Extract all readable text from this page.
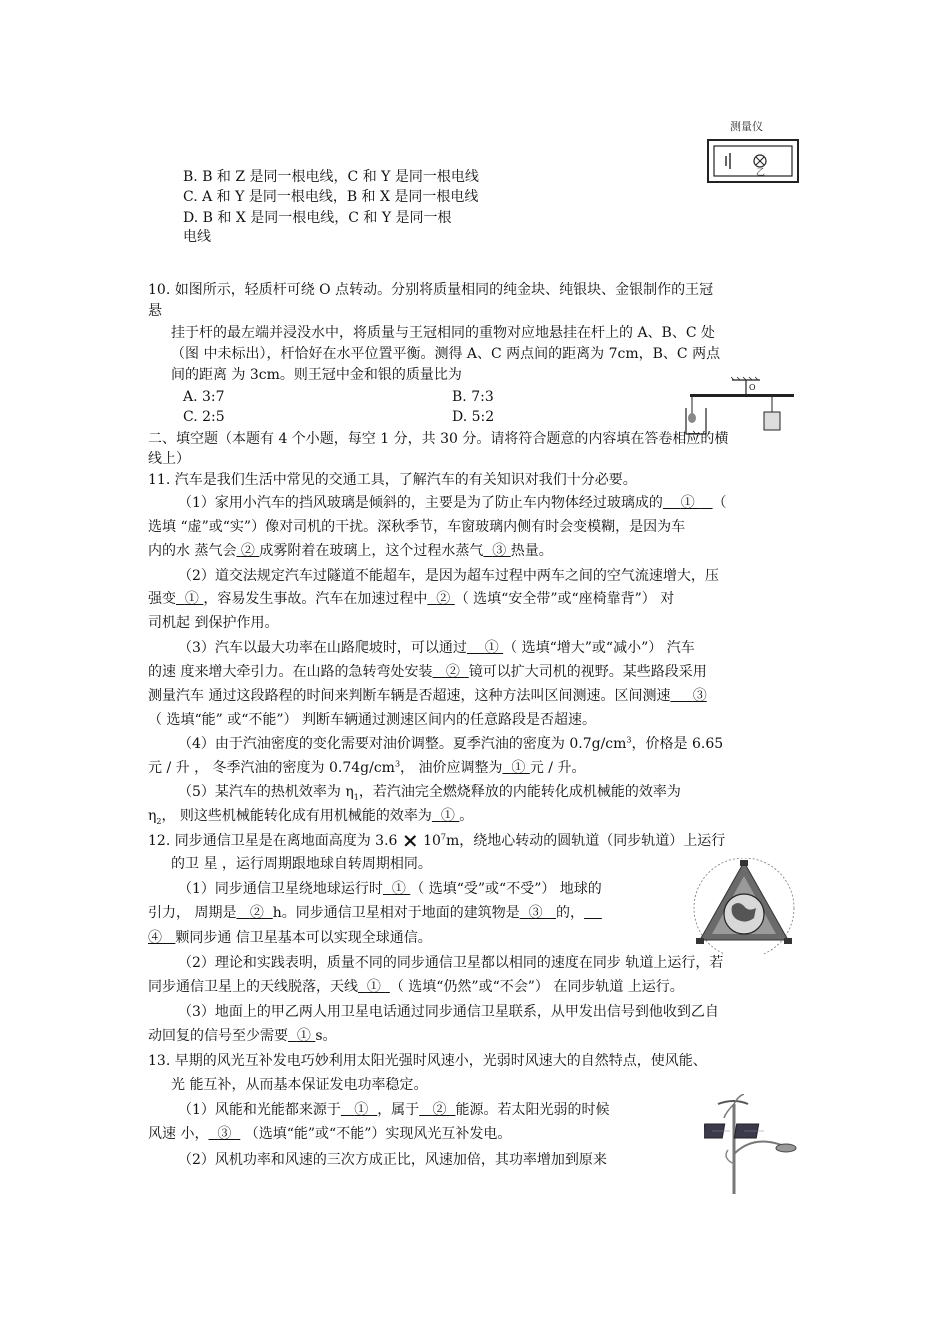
测量仪
乙
B. B 和 Z 是同一根电线，C 和 Y 是同一根电线
C. A 和 Y 是同一根电线，B 和 X 是同一根电线
D. B 和 X 是同一根电线，C 和 Y 是同一根
电线
10. 如图所示，轻质杆可绕 O 点转动。分别将质量相同的纯金块、纯银块、金银制作的王冠
悬
挂于杆的最左端并浸没水中，将质量与王冠相同的重物对应地悬挂在杆上的 A、B、C 处
（图 中未标出），杆恰好在水平位置平衡。测得 A、C 两点间的距离为 7cm，B、C 两点
间的距离 为 3cm。则王冠中金和银的质量比为
A. 3:7	B. 7:3
C. 2:5	D. 5:2
O
二、填空题（本题有 4 个小题，每空 1 分，共 30 分。请将符合题意的内容填在答卷相应的横
线上）
11. 汽车是我们生活中常见的交通工具，了解汽车的有关知识对我们十分必要。
（1）家用小汽车的挡风玻璃是倾斜的，主要是为了防止车内物体经过玻璃成的 ①    （
选填 “虚”或“实”）像对司机的干扰。深秋季节，车窗玻璃内侧有时会变模糊，是因为车
内的水 蒸气会 ② 成雾附着在玻璃上，这个过程水蒸气 ③ 热量。
（2）道交法规定汽车过隧道不能超车，是因为超车过程中两车之间的空气流速增大，压
强变 ① ，容易发生事故。汽车在加速过程中 ② （ 选填“安全带”或“座椅靠背”） 对
司机起 到保护作用。
（3）汽车以最大功率在山路爬坡时，可以通过 ① （ 选填“增大”或“减小”） 汽车
的速 度来增大牵引力。在山路的急转弯处安装 ②  镜可以扩大司机的视野。某些路段采用
测量汽车 通过这段路程的时间来判断车辆是否超速，这种方法叫区间测速。区间测速 ③
（ 选填“能” 或“不能”） 判断车辆通过测速区间内的任意路段是否超速。
（4）由于汽油密度的变化需要对油价调整。夏季汽油的密度为 $0.7g/cm^3$，价格是 6.65
元 / 升 ， 冬季汽油的密度为 $0.74g/cm^3$， 油价应调整为 ① 元 / 升。
（5）某汽车的热机效率为 $\eta_1$，若汽油完全燃烧释放的内能转化成机械能的效率为
$\eta_2$， 则这些机械能转化成有用机械能的效率为 ① 。
12. 同步通信卫星是在离地面高度为 $3.6 \times 10^7m$，绕地心转动的圆轨道（同步轨道）上运行
的卫 星 ，运行周期跟地球自转周期相同。
（1）同步通信卫星绕地球运行时 ① （ 选填“受”或“不受”） 地球的
引力， 周期是 ②  h。同步通信卫星相对于地面的建筑物是 ③   的，
④   颗同步通 信卫星基本可以实现全球通信。
（2）理论和实践表明，质量不同的同步通信卫星都以相同的速度在同步 轨道上运行，若
同步通信卫星上的天线脱落，天线 ①  （ 选填“仍然”或“不会”） 在同步轨道 上运行。
（3）地面上的甲乙两人用卫星电话通过同步通信卫星联系，从甲发出信号到他收到乙自
动回复的信号至少需要 ① s。
13. 早期的风光互补发电巧妙利用太阳光强时风速小，光弱时风速大的自然特点，使风能、
光 能互补，从而基本保证发电功率稳定。
（1）风能和光能都来源于 ①  ，属于 ②  能源。若太阳光弱的时候
风速 小， ③   （选填“能”或“不能”）实现风光互补发电。
（2）风机功率和风速的三次方成正比，风速加倍，其功率增加到原来
